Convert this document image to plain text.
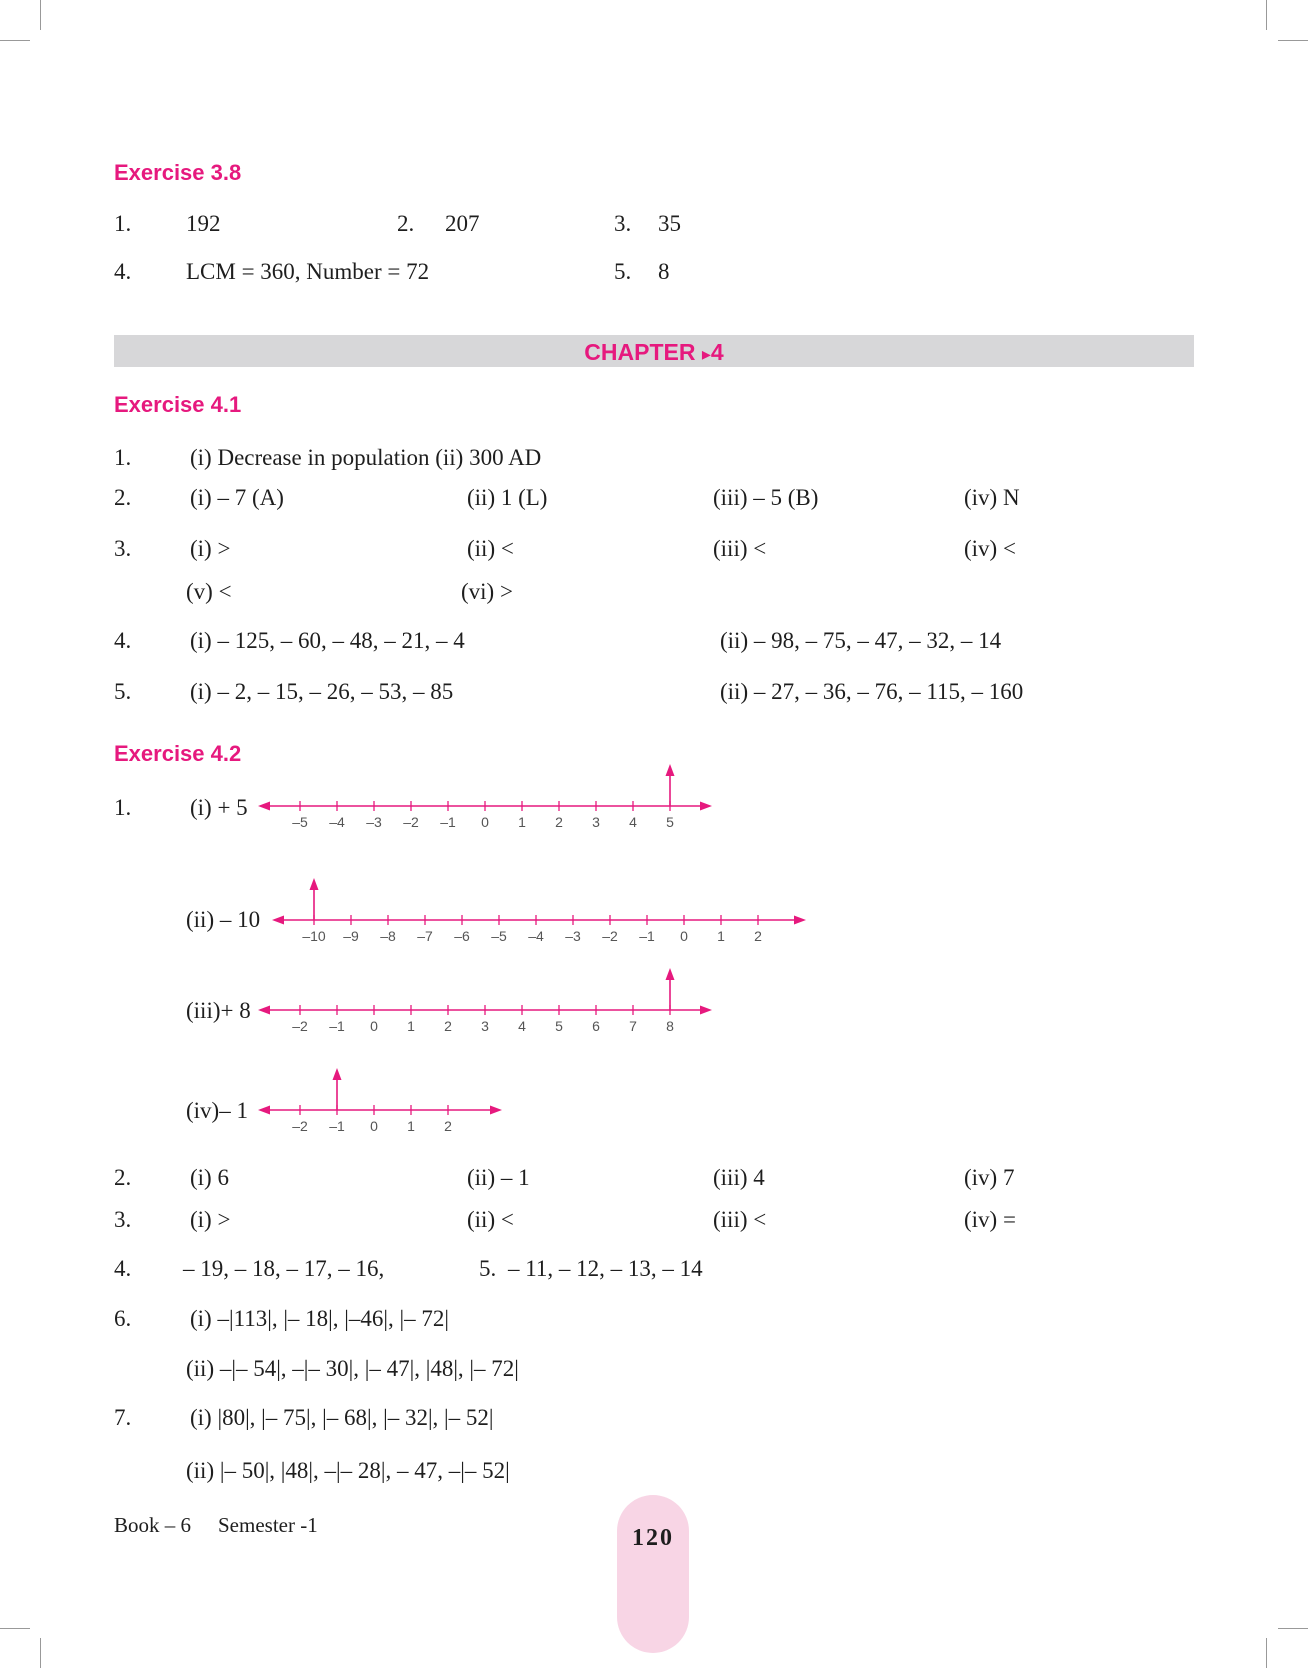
Exercise 3.8
1. 192	2. 207	3. 35
4. LCM = 360, Number = 72	5. 8
CHAPTER ▸4
Exercise 4.1
1.	(i) Decrease in population (ii) 300 AD
2.	(i) – 7 (A)	(ii) 1 (L)	(iii) – 5 (B)	(iv) N
3.	(i) >	(ii) <	(iii) <	(iv) <
(v) <	(vi) >
4.	(i) – 125, – 60, – 48, – 21, – 4	(ii) – 98, – 75, – 47, – 32, – 14
5.	(i) – 2, – 15, – 26, – 53, – 85	(ii) – 27, – 36, – 76, – 115, – 160
Exercise 4.2
1.	(i) + 5
–5 –4 –3 –2 –1 0 1 2 3 4 5
(ii) – 10
–10 –9 –8 –7 –6 –5 –4 –3 –2 –1 0 1 2
(iii)+ 8
–2 –1 0 1 2 3 4 5 6 7 8
(iv)– 1
–2 –1 0 1 2
2.	(i) 6	(ii) – 1	(iii) 4	(iv) 7
3.	(i) >	(ii) <	(iii) <	(iv) =
4. – 19, – 18, – 17, – 16,	5. – 11, – 12, – 13, – 14
6.	(i) –|113|, |– 18|, |–46|, |– 72|
(ii) –|– 54|, –|– 30|, |– 47|, |48|, |– 72|
7.	(i) |80|, |– 75|, |– 68|, |– 32|, |– 52|
(ii) |– 50|, |48|, –|– 28|, – 47, –|– 52|
Book – 6 Semester -1	120
